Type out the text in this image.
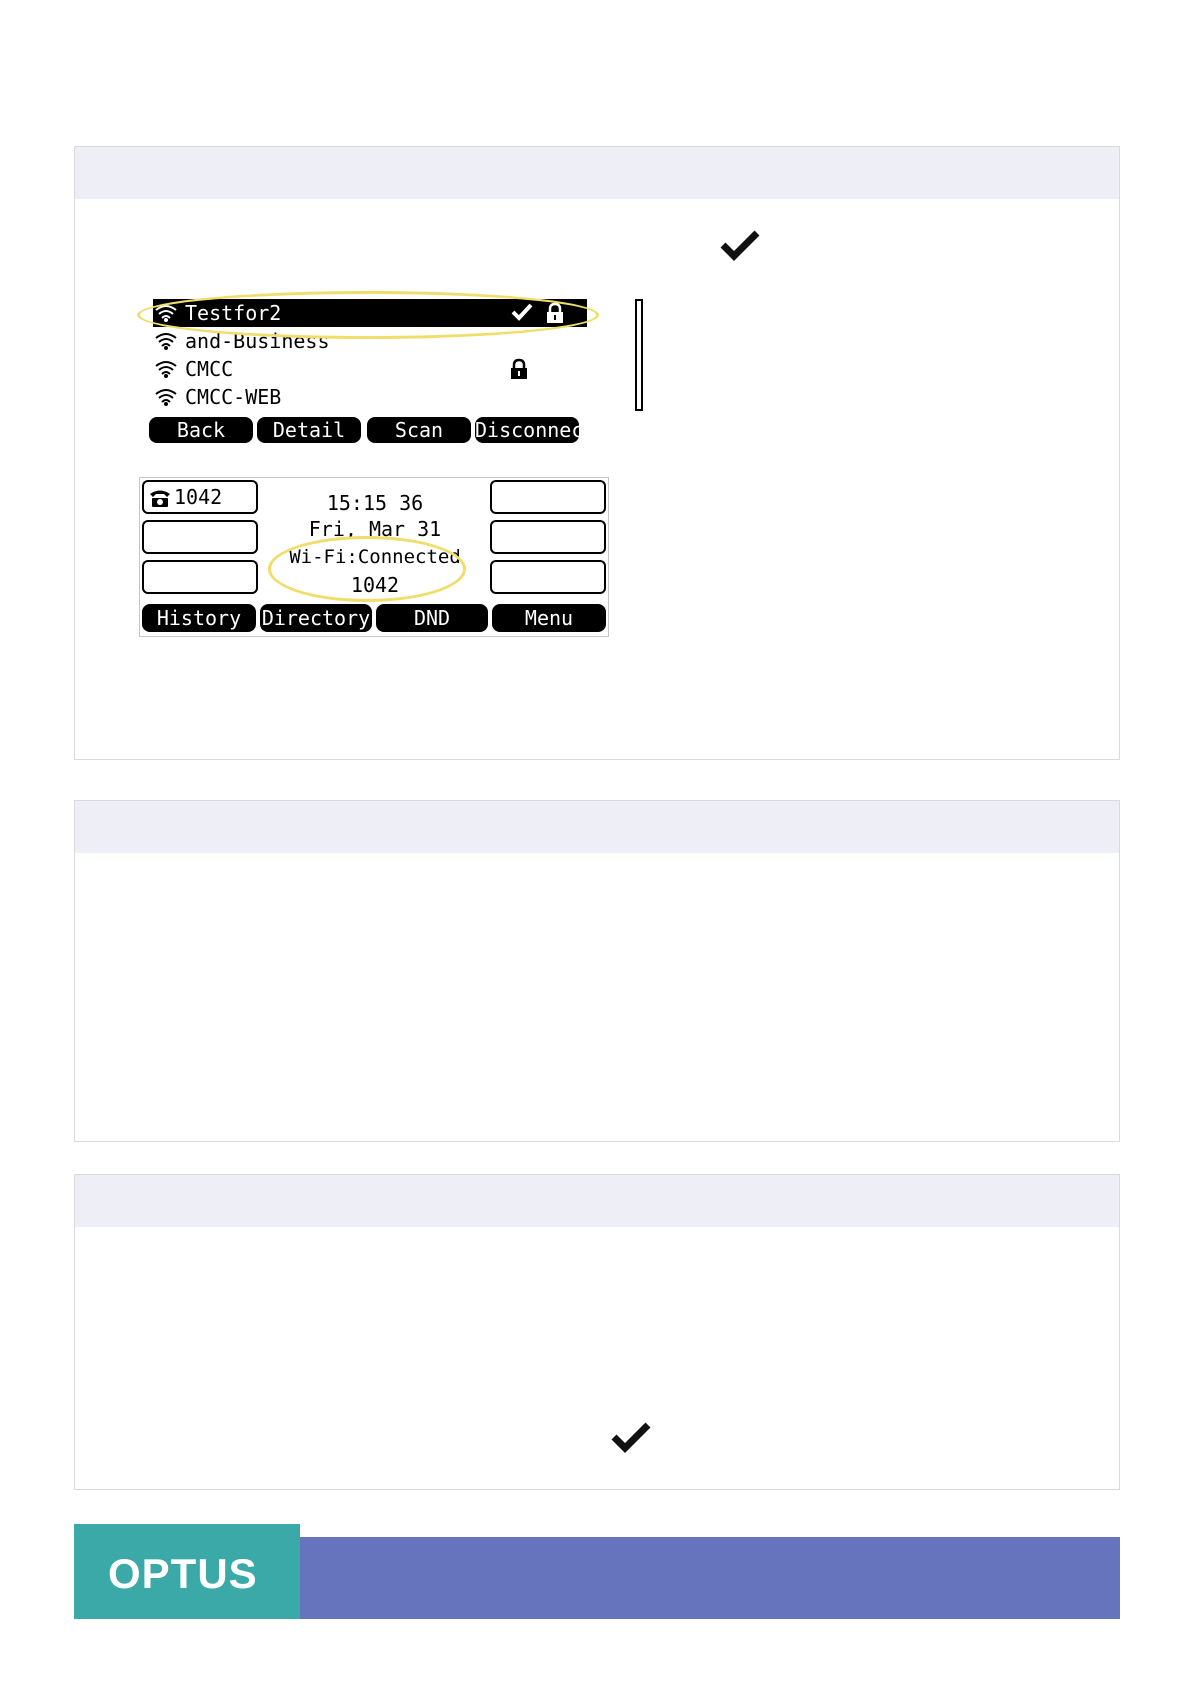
Testfor2
and-Business
CMCC
CMCC-WEB
Back	Detail	Scan	Disconnect
1042	15:15 36
Fri, Mar 31
Wi-Fi:Connected
1042
History	Directory	DND	Menu
OPTUS
